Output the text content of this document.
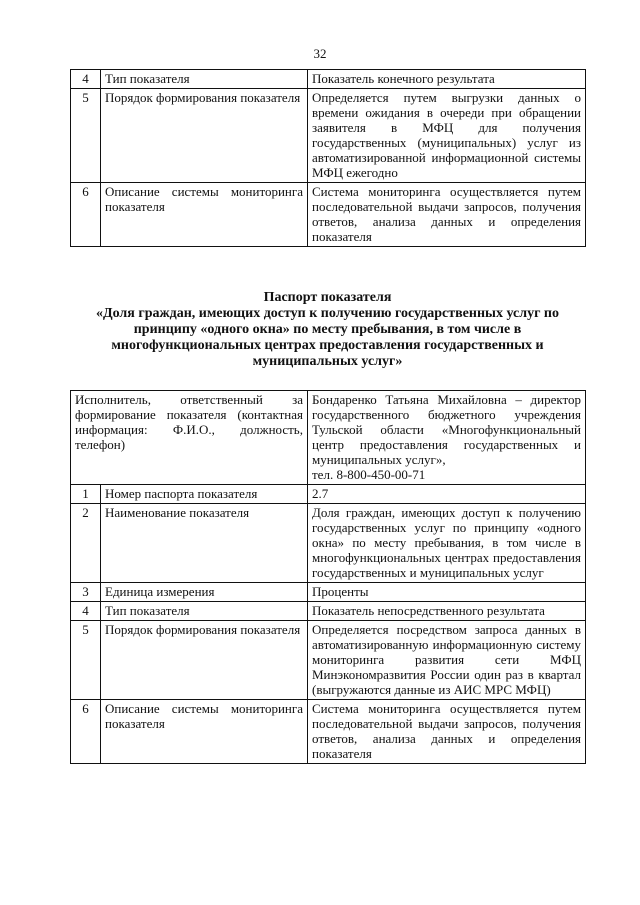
32
4	Тип показателя	Показатель конечного результата
5	Порядок формирования показателя	Определяется путем выгрузки данных о времени ожидания в очереди при обращении заявителя в МФЦ для получения государственных (муниципальных) услуг из автоматизированной информационной системы МФЦ ежегодно
6	Описание системы мониторинга показателя	Система мониторинга осуществляется путем последовательной выдачи запросов, получения ответов, анализа данных и определения показателя
Паспорт показателя
«Доля граждан, имеющих доступ к получению государственных услуг по принципу «одного окна» по месту пребывания, в том числе в многофункциональных центрах предоставления государственных и муниципальных услуг»
Исполнитель, ответственный за формирование показателя (контактная информация: Ф.И.О., должность, телефон)		Бондаренко Татьяна Михайловна – директор государственного бюджетного учреждения Тульской области «Многофункциональный центр предоставления государственных и муниципальных услуг»,
тел. 8-800-450-00-71
1	Номер паспорта показателя	2.7
2	Наименование показателя	Доля граждан, имеющих доступ к получению государственных услуг по принципу «одного окна» по месту пребывания, в том числе в многофункциональных центрах предоставления государственных и муниципальных услуг
3	Единица измерения	Проценты
4	Тип показателя	Показатель непосредственного результата
5	Порядок формирования показателя	Определяется посредством запроса данных в автоматизированную информационную систему мониторинга развития сети МФЦ Минэкономразвития России один раз в квартал (выгружаются данные из АИС МРС МФЦ)
6	Описание системы мониторинга показателя	Система мониторинга осуществляется путем последовательной выдачи запросов, получения ответов, анализа данных и определения показателя
